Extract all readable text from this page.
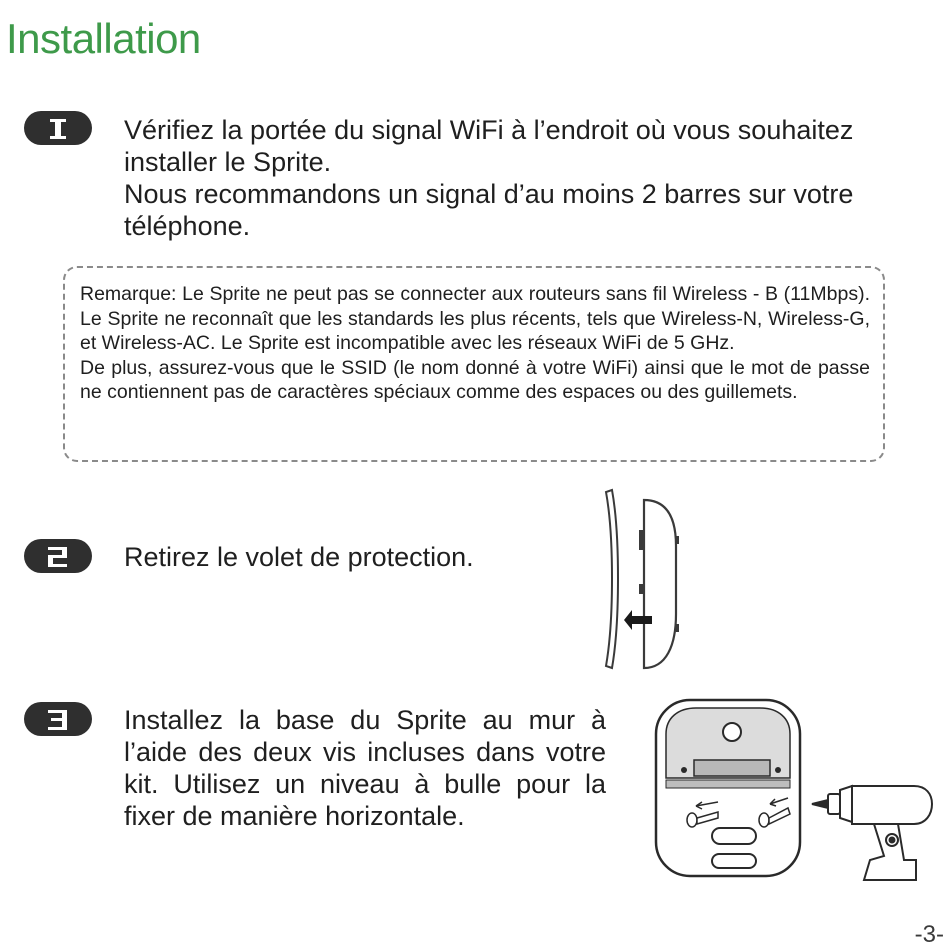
Installation

Vérifiez la portée du signal WiFi à l’endroit où vous souhaitez installer le Sprite.

Nous recommandons un signal d’au moins 2 barres sur votre téléphone.

Remarque: Le Sprite ne peut pas se connecter aux routeurs sans fil Wireless - B (11Mbps). Le Sprite ne reconnaît que les standards les plus récents, tels que Wireless-N, Wireless-G, et Wireless-AC. Le Sprite est incompatible avec les réseaux WiFi de 5 GHz.

De plus, assurez-vous que le SSID (le nom donné à votre WiFi) ainsi que le mot de passe ne contiennent pas de caractères spéciaux comme des espaces ou des guillemets.

Retirez le volet de protection.
Installez la base du Sprite au mur à l’aide des deux vis incluses dans votre kit. Utilisez un niveau à bulle pour la fixer de manière horizontale.
-3-
